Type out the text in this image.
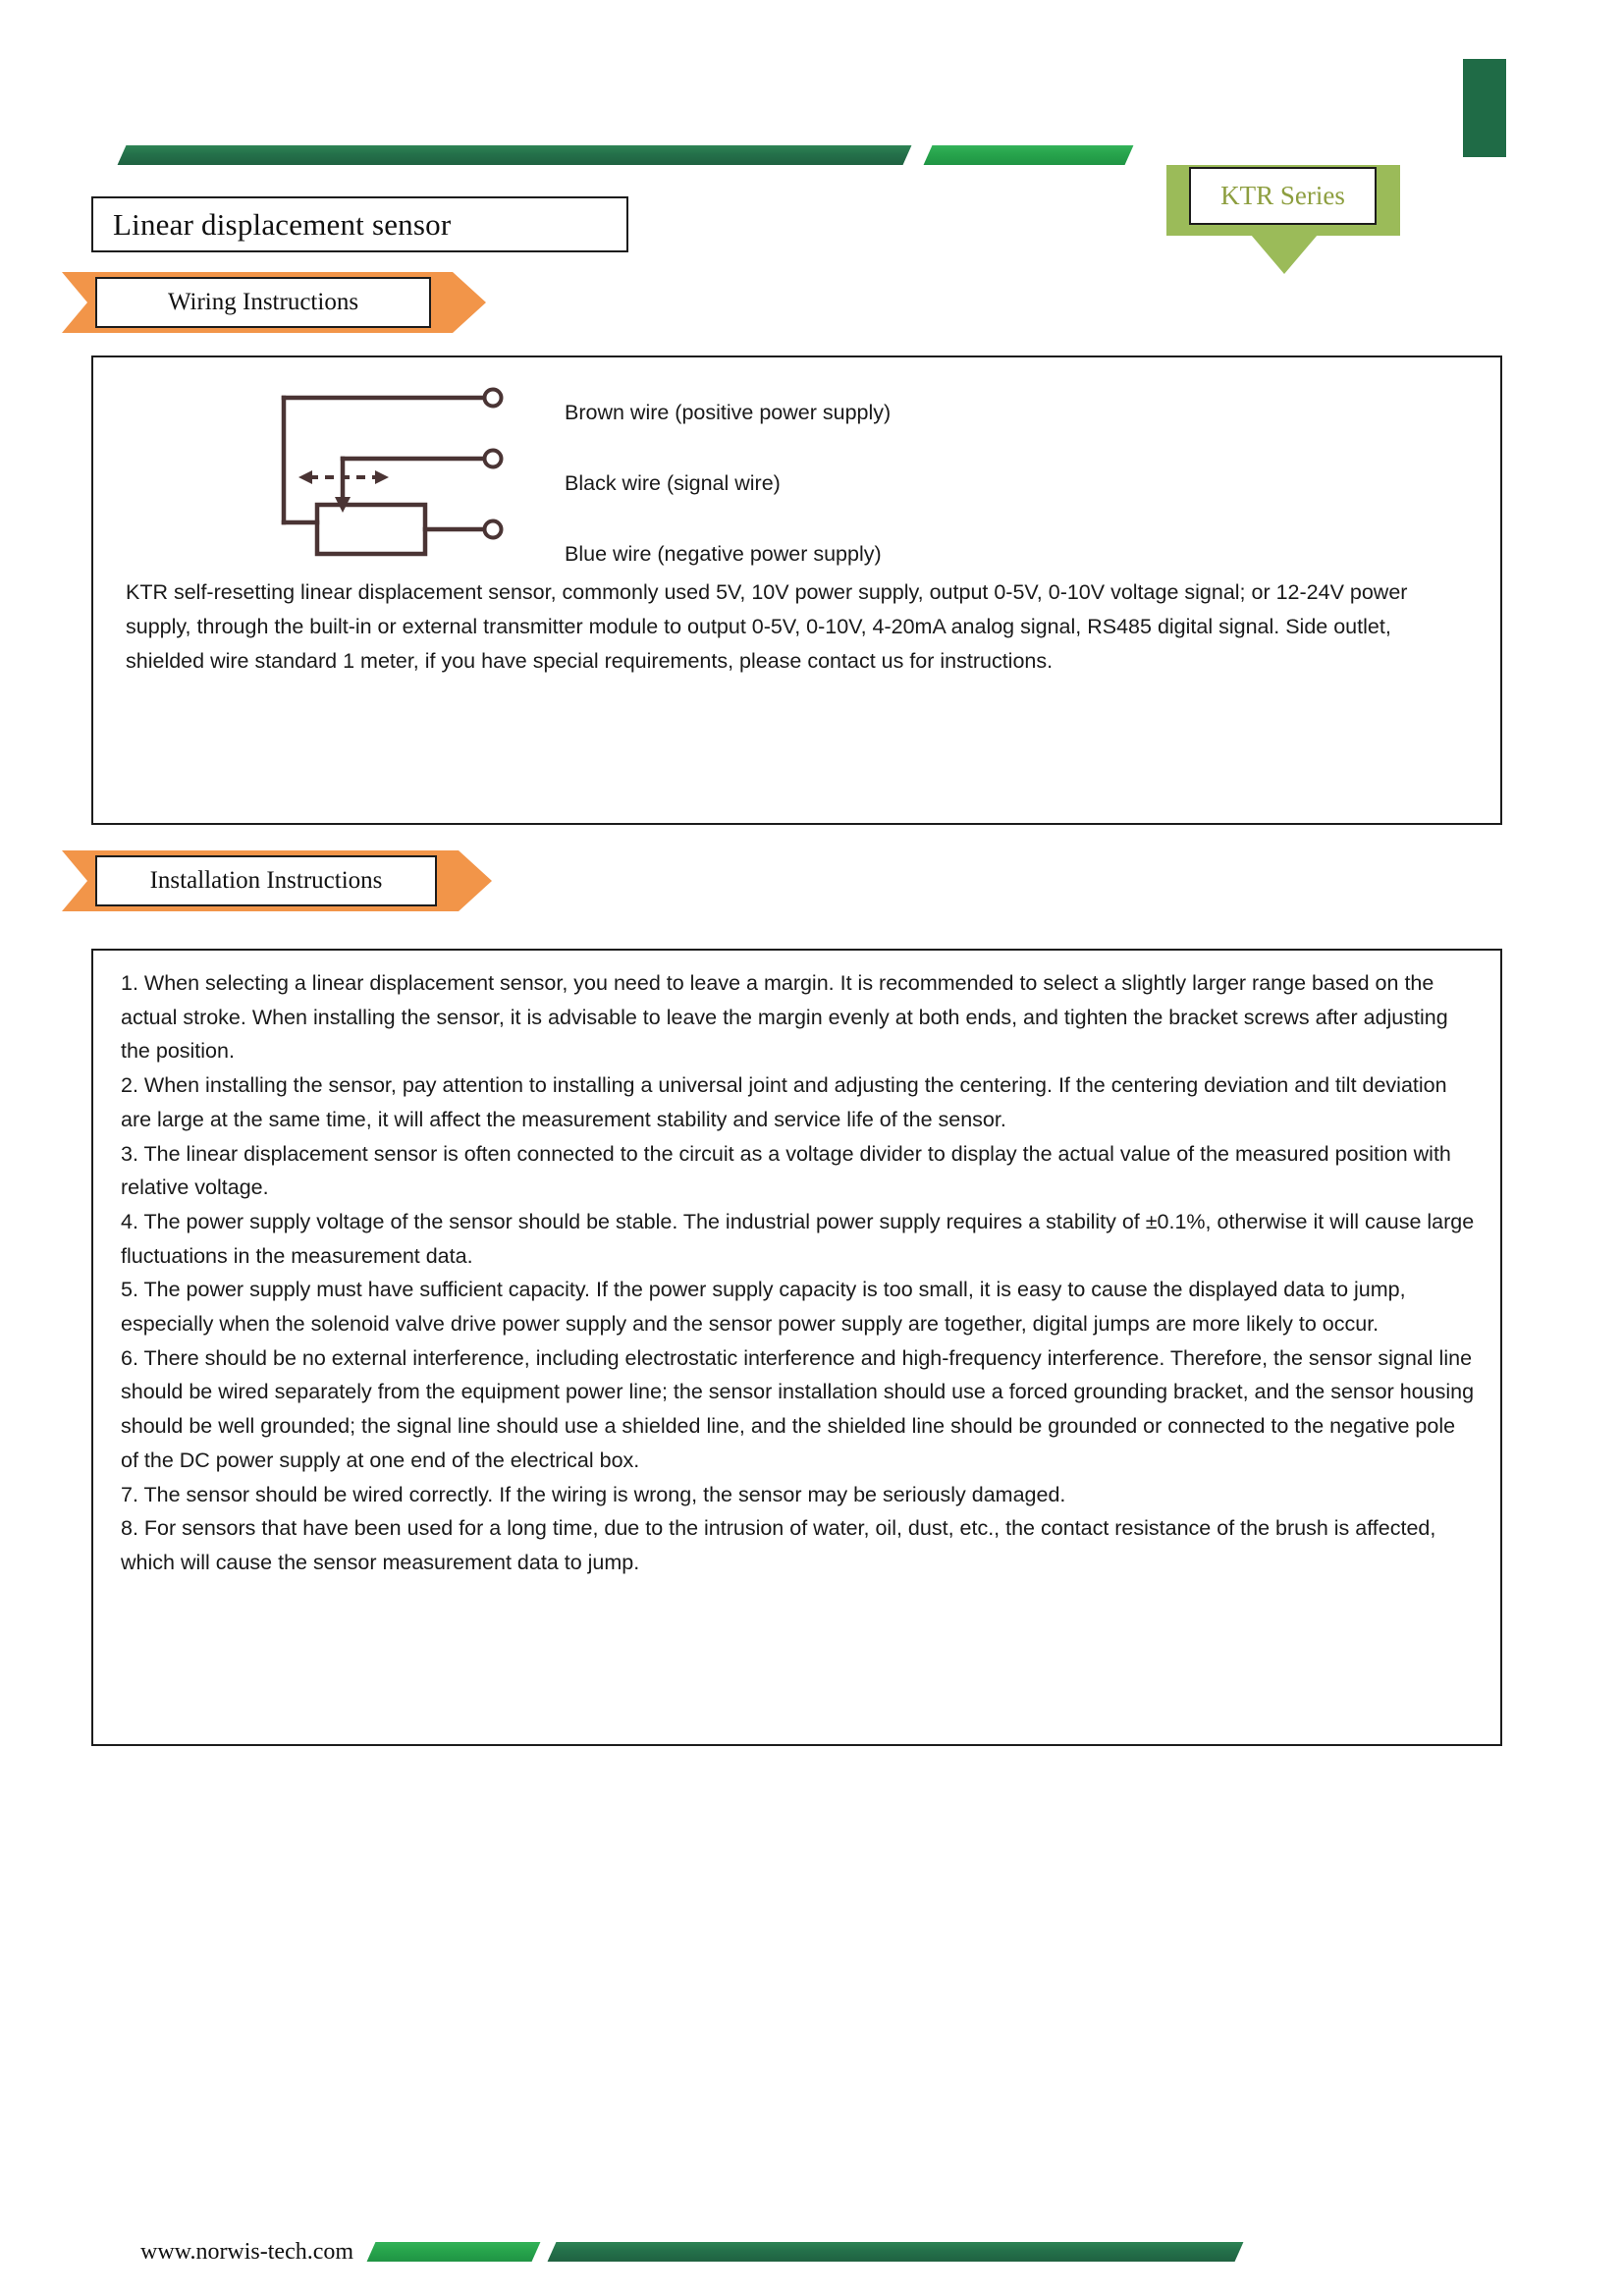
Linear displacement sensor
KTR Series
Wiring Instructions
Brown wire (positive power supply)
Black wire (signal wire)
Blue wire (negative power supply)
KTR self-resetting linear displacement sensor, commonly used 5V, 10V power supply, output 0-5V, 0-10V voltage signal; or 12-24V power supply, through the built-in or external transmitter module to output 0-5V, 0-10V, 4-20mA analog signal, RS485 digital signal. Side outlet, shielded wire standard 1 meter, if you have special requirements, please contact us for instructions.
Installation Instructions

1. When selecting a linear displacement sensor, you need to leave a margin. It is recommended to select a slightly larger range based on the actual stroke. When installing the sensor, it is advisable to leave the margin evenly at both ends, and tighten the bracket screws after adjusting the position.

2. When installing the sensor, pay attention to installing a universal joint and adjusting the centering. If the centering deviation and tilt deviation are large at the same time, it will affect the measurement stability and service life of the sensor.

3. The linear displacement sensor is often connected to the circuit as a voltage divider to display the actual value of the measured position with relative voltage.

4. The power supply voltage of the sensor should be stable. The industrial power supply requires a stability of ±0.1%, otherwise it will cause large fluctuations in the measurement data.

5. The power supply must have sufficient capacity. If the power supply capacity is too small, it is easy to cause the displayed data to jump, especially when the solenoid valve drive power supply and the sensor power supply are together, digital jumps are more likely to occur.

6. There should be no external interference, including electrostatic interference and high-frequency interference. Therefore, the sensor signal line should be wired separately from the equipment power line; the sensor installation should use a forced grounding bracket, and the sensor housing should be well grounded; the signal line should use a shielded line, and the shielded line should be grounded or connected to the negative pole of the DC power supply at one end of the electrical box.

7. The sensor should be wired correctly. If the wiring is wrong, the sensor may be seriously damaged.

8. For sensors that have been used for a long time, due to the intrusion of water, oil, dust, etc., the contact resistance of the brush is affected, which will cause the sensor measurement data to jump.

www.norwis-tech.com
